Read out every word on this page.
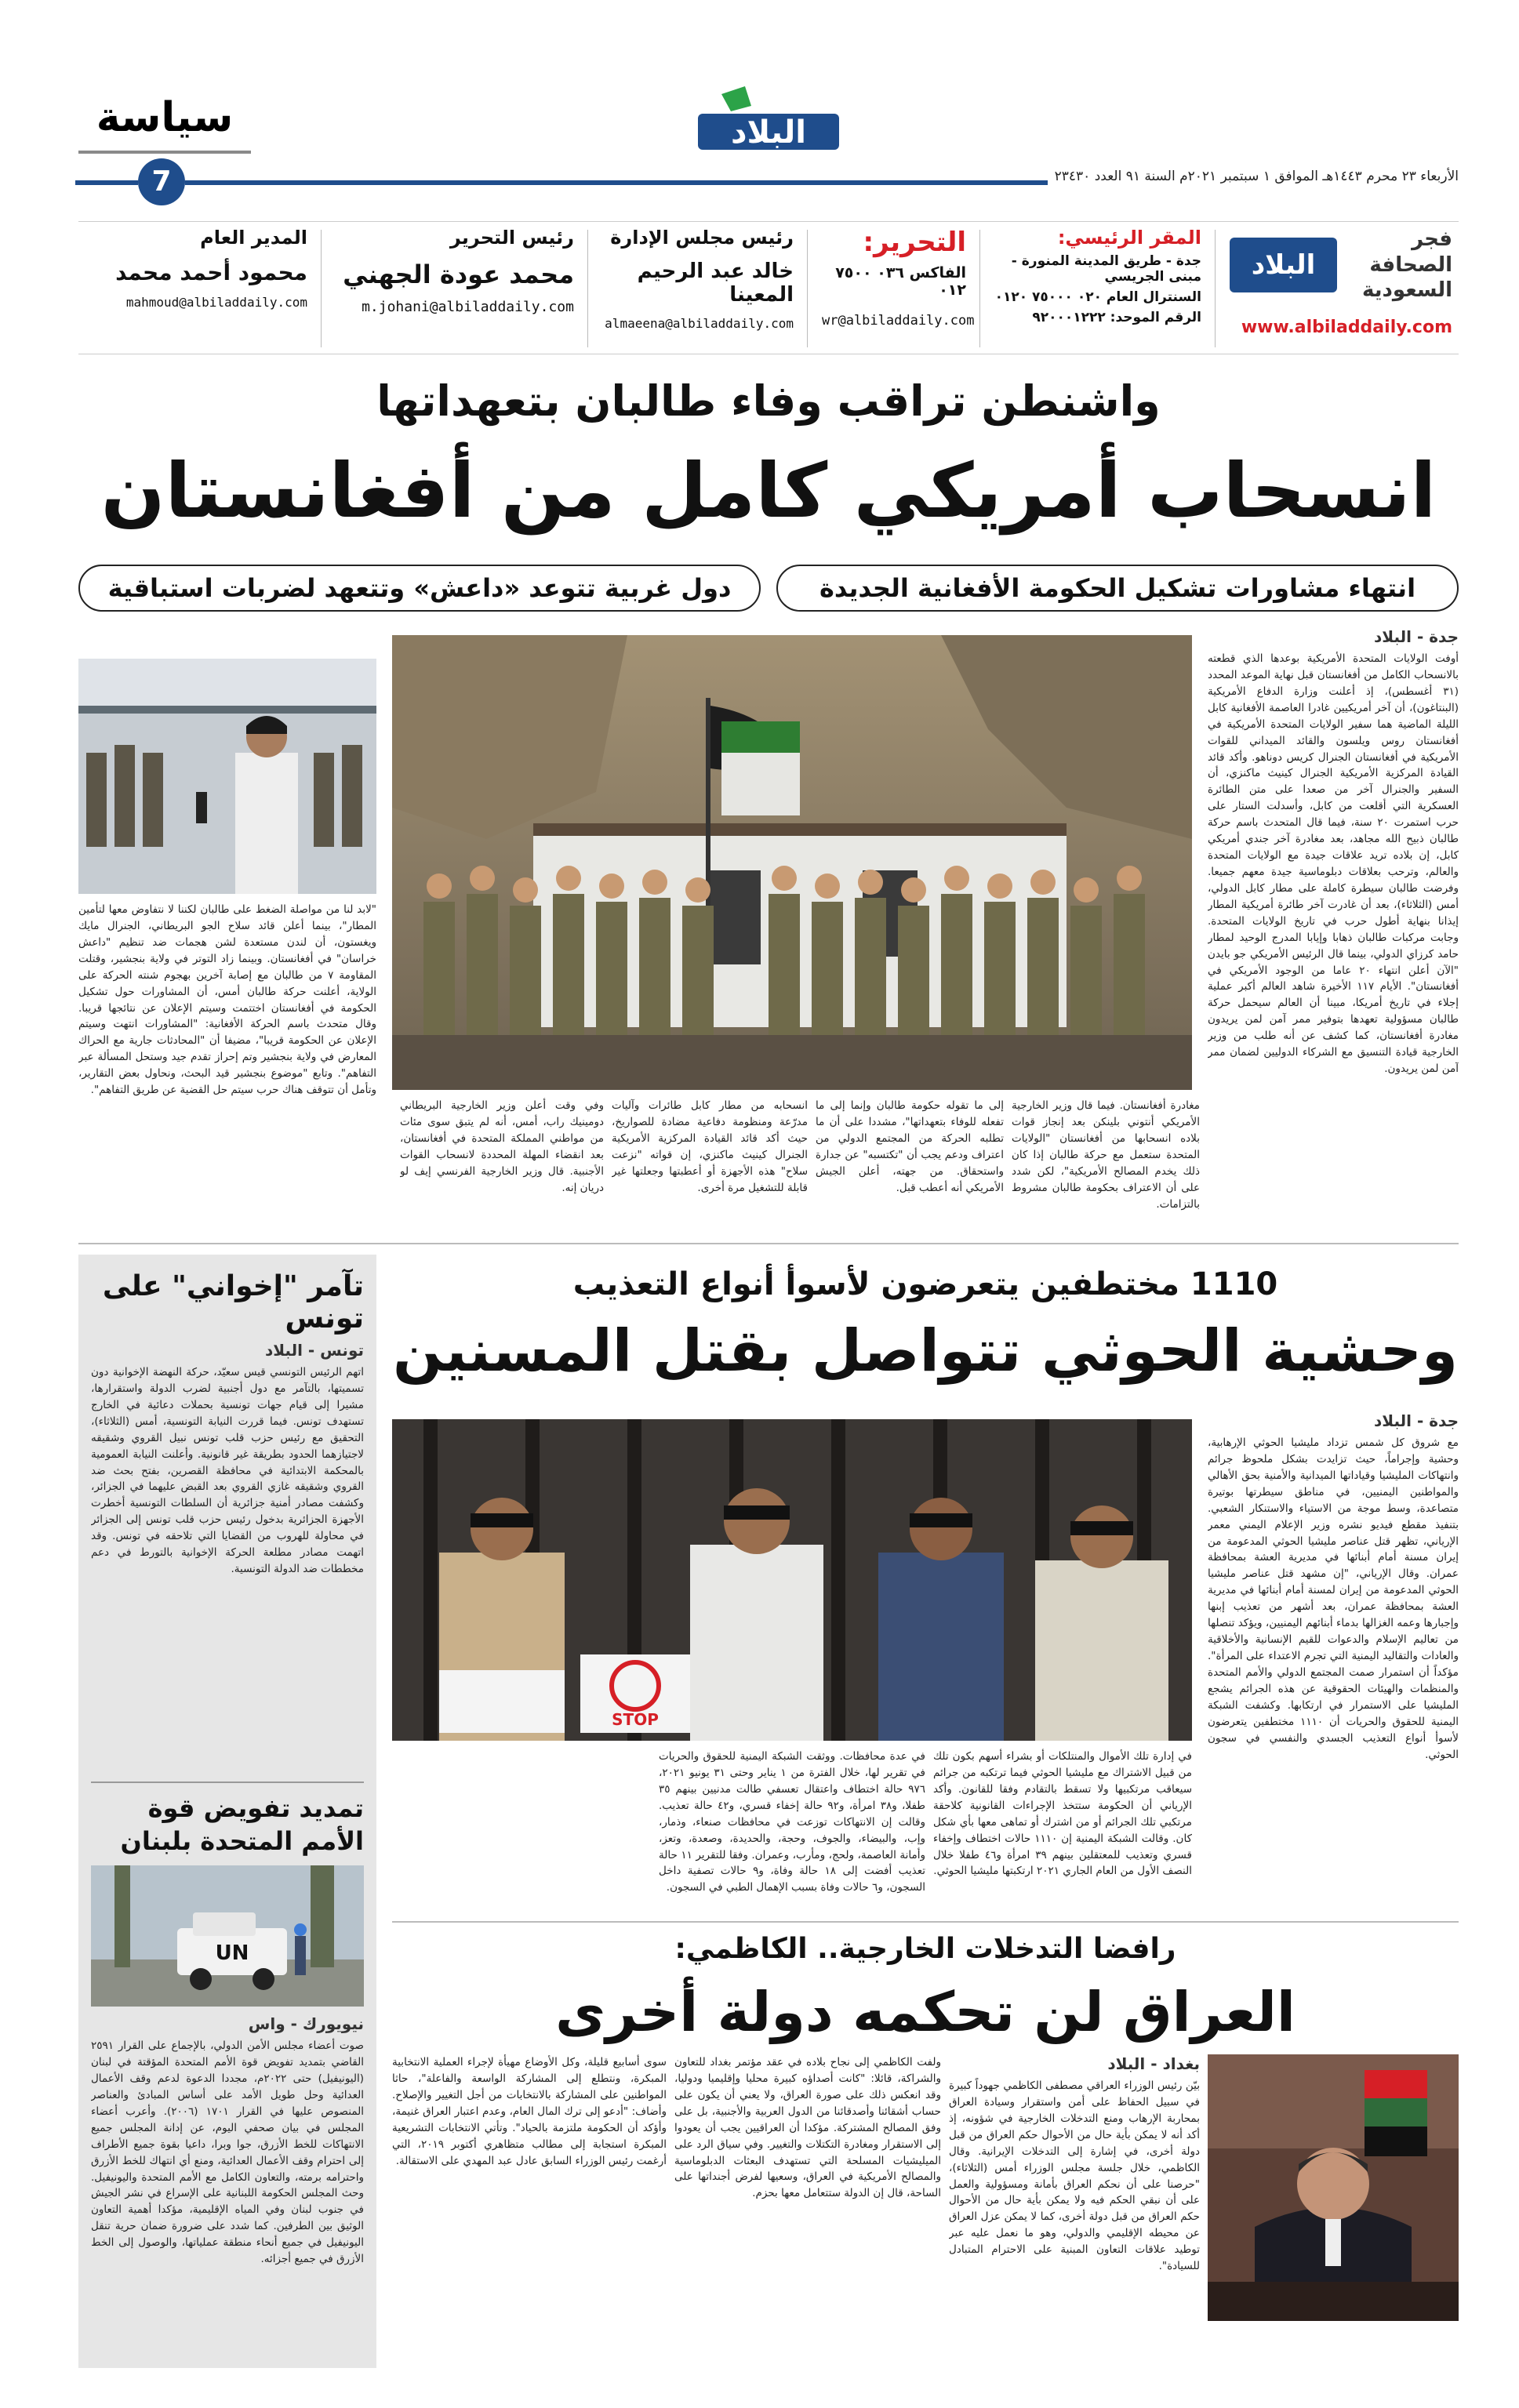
سياسة
7
البلاد
الأربعاء ٢٣ محرم ١٤٤٣هـ الموافق ١ سبتمبر ٢٠٢١م السنة ٩١ العدد ٢٣٤٣٠
فجر الصحافة السعودية
البلاد
www.albiladdaily.com
المقر الرئيسي:
جدة - طريق المدينة المنورة - مبنى الجريسي
السنترال العام ٠٢٠ ٧٥٠٠٠ ٠١٢٠
الرقم الموحد: ٩٢٠٠٠١٢٢٢
التحرير:
الفاكس ٠٣٦ ٧٥٠٠ ٠١٢
wr@albiladdaily.com
رئيس مجلس الإدارة
خالد عبد الرحيم المعينا
almaeena@albiladdaily.com
رئيس التحرير
محمد عودة الجهني
m.johani@albiladdaily.com
المدير العام
محمود أحمد محمد
mahmoud@albiladdaily.com
واشنطن تراقب وفاء طالبان بتعهداتها
انسحاب أمريكي كامل من أفغانستان
انتهاء مشاورات تشكيل الحكومة الأفغانية الجديدة
دول غربية تتوعد «داعش» وتتعهد لضربات استباقية
جدة - البلاد
أوفت الولايات المتحدة الأمريكية بوعدها الذي قطعته بالانسحاب الكامل من أفغانستان قبل نهاية الموعد المحدد (٣١ أغسطس)، إذ أعلنت وزارة الدفاع الأمريكية (البنتاغون)، أن آخر أمريكيين غادرا العاصمة الأفغانية كابل الليلة الماضية هما سفير الولايات المتحدة الأمريكية في أفغانستان روس ويلسون والقائد الميداني للقوات الأمريكية في أفغانستان الجنرال كريس دوناهو. وأكد قائد القيادة المركزية الأمريكية الجنرال كينيث ماكنزي، أن السفير والجنرال آخر من صعدا على متن الطائرة العسكرية التي أقلعت من كابل، وأسدلت الستار على حرب استمرت ٢٠ سنة، فيما قال المتحدث باسم حركة طالبان ذبيح الله مجاهد، بعد مغادرة آخر جندي أمريكي كابل، إن بلاده تريد علاقات جيدة مع الولايات المتحدة والعالم، وترحب بعلاقات دبلوماسية جيدة معهم جميعا. وفرضت طالبان سيطرة كاملة على مطار كابل الدولي، أمس (الثلاثاء)، بعد أن غادرت آخر طائرة أمريكية المطار إيذانا بنهاية أطول حرب في تاريخ الولايات المتحدة. وجابت مركبات طالبان ذهابا وإيابا المدرج الوحيد لمطار حامد كرزاي الدولي، بينما قال الرئيس الأمريكي جو بايدن "الآن أعلن انتهاء ٢٠ عاما من الوجود الأمريكي في أفغانستان". الأيام ١١٧ الأخيرة شاهد العالم أكبر عملية إجلاء في تاريخ أمريكا، مبينا أن العالم سيحمل حركة طالبان مسؤولية تعهدها بتوفير ممر آمن لمن يريدون مغادرة أفغانستان، كما كشف عن أنه طلب من وزير الخارجية قيادة التنسيق مع الشركاء الدوليين لضمان ممر آمن لمن يريدون.
مغادرة أفغانستان. فيما قال وزير الخارجية الأمريكي أنتوني بلينكن بعد إنجاز قوات بلاده انسحابها من أفغانستان "الولايات المتحدة ستعمل مع حركة طالبان إذا كان ذلك يخدم المصالح الأمريكية"، لكن شدد على أن الاعتراف بحكومة طالبان مشروط بالتزامات.
إلى ما تقوله حكومة طالبان وإنما إلى ما تفعله للوفاء بتعهداتها"، مشددا على أن ما تطلبه الحركة من المجتمع الدولي من اعتراف ودعم يجب أن "تكتسبه" عن جدارة واستحقاق. من جهته، أعلن الجيش الأمريكي أنه أعطب قبل.
انسحابه من مطار كابل طائرات وآليات مدرّعة ومنظومة دفاعية مضادة للصواريخ، حيث أكد قائد القيادة المركزية الأمريكية الجنرال كينيث ماكنزي، إن قواته "نزعت سلاح" هذه الأجهزة أو أعطبتها وجعلتها غير قابلة للتشغيل مرة أخرى.
وفي وقت أعلن وزير الخارجية البريطاني دومينيك راب، أمس، أنه لم يتبق سوى مئات من مواطني المملكة المتحدة في أفغانستان، بعد انقضاء المهلة المحددة لانسحاب القوات الأجنبية. قال وزير الخارجية الفرنسي إيف لو دريان إنه.
"لابد لنا من مواصلة الضغط على طالبان لكننا لا نتفاوض معها لتأمين المطار"، بينما أعلن قائد سلاح الجو البريطاني، الجنرال مايك ويغستون، أن لندن مستعدة لشن هجمات ضد تنظيم "داعش خراسان" في أفغانستان. وبينما زاد التوتر في ولاية بنجشير، وقتلت المقاومة ٧ من طالبان مع إصابة آخرين بهجوم شنته الحركة على الولاية، أعلنت حركة طالبان أمس، أن المشاورات حول تشكيل الحكومة في أفغانستان اختتمت وسيتم الإعلان عن نتائجها قريبا. وقال متحدث باسم الحركة الأفغانية: "المشاورات انتهت وسيتم الإعلان عن الحكومة قريبا"، مضيفا أن "المحادثات جارية مع الحراك المعارض في ولاية بنجشير وتم إحراز تقدم جيد وستحل المسألة عبر التفاهم". وتابع "موضوع بنجشير قيد البحث، ونحاول بعض التقارير، وتأمل أن تتوقف هناك حرب سيتم حل القضية عن طريق التفاهم".
تآمر "إخواني" على تونس
تونس - البلاد
اتهم الرئيس التونسي قيس سعيّد، حركة النهضة الإخوانية دون تسميتها، بالتآمر مع دول أجنبية لضرب الدولة واستقرارها، مشيرا إلى قيام جهات تونسية بحملات دعائية في الخارج تستهدف تونس. فيما قررت النيابة التونسية، أمس (الثلاثاء)، التحقيق مع رئيس حزب قلب تونس نبيل القروي وشقيقه لاجتيازهما الحدود بطريقة غير قانونية. وأعلنت النيابة العمومية بالمحكمة الابتدائية في محافظة القصرين، بفتح بحث ضد القروي وشقيقه غازي القروي بعد القبض عليهما في الجزائر، وكشفت مصادر أمنية جزائرية أن السلطات التونسية أخطرت الأجهزة الجزائرية بدخول رئيس حزب قلب تونس إلى الجزائر في محاولة للهروب من القضايا التي تلاحقه في تونس. وقد اتهمت مصادر مطلعة الحركة الإخوانية بالتورط في دعم مخططات ضد الدولة التونسية.
تمديد تفويض قوة الأمم المتحدة بلبنان
UN
نيويورك - واس
صوت أعضاء مجلس الأمن الدولي، بالإجماع على القرار ٢٥٩١ القاضي بتمديد تفويض قوة الأمم المتحدة المؤقتة في لبنان (اليونيفيل) حتى ٢٠٢٢م، مجددا الدعوة لدعم وقف الأعمال العدائية وحل طويل الأمد على أساس المبادئ والعناصر المنصوص عليها في القرار ١٧٠١ (٢٠٠٦). وأعرب أعضاء المجلس في بيان صحفي اليوم، عن إدانة المجلس جميع الانتهاكات للخط الأزرق، جوا وبرا، داعيا بقوة جميع الأطراف إلى احترام وقف الأعمال العدائية، ومنع أي انتهاك للخط الأزرق واحترامه برمته، والتعاون الكامل مع الأمم المتحدة واليونيفيل. وحث المجلس الحكومة اللبنانية على الإسراع في نشر الجيش في جنوب لبنان وفي المياه الإقليمية، مؤكدا أهمية التعاون الوثيق بين الطرفين. كما شدد على ضرورة ضمان حرية تنقل اليونيفيل في جميع أنحاء منطقة عملياتها، والوصول إلى الخط الأزرق في جميع أجزائه.
1110 مختطفين يتعرضون لأسوأ أنواع التعذيب
وحشية الحوثي تتواصل بقتل المسنين
جدة - البلاد
مع شروق كل شمس تزداد مليشيا الحوثي الإرهابية، وحشية وإجراماً، حيث تزايدت بشكل ملحوظ جرائم وانتهاكات المليشيا وقياداتها الميدانية والأمنية بحق الأهالي والمواطنين اليمنيين، في مناطق سيطرتها بوتيرة متصاعدة، وسط موجة من الاستياء والاستنكار الشعبي. بتنفيذ مقطع فيديو نشره وزير الإعلام اليمني معمر الإرياني، تظهر قتل عناصر مليشيا الحوثي المدعومة من إيران مسنة أمام أبنائها في مديرية العشة بمحافظة عمران. وقال الإرياني، "إن مشهد قتل عناصر مليشيا الحوثي المدعومة من إيران لمسنة أمام أبنائها في مديرية العشة بمحافظة عمران، بعد أشهر من تعذيب إبنها وإجبارها وعمه الغزالها بدماء أبنائهم اليمنيين، ويؤكد تنصلها من تعاليم الإسلام والدعوات للقيم الإنسانية والأخلاقية والعادات والتقاليد اليمنية التي تجرم الاعتداء على المرأة". مؤكداً أن استمرار صمت المجتمع الدولي والأمم المتحدة والمنظمات والهيئات الحقوقية عن هذه الجرائم يشجع المليشيا على الاستمرار في ارتكابها. وكشفت الشبكة اليمنية للحقوق والحريات أن ١١١٠ مختطفين يتعرضون لأسوأ أنواع التعذيب الجسدي والنفسي في سجون الحوثي.
STOP
في إدارة تلك الأموال والمنتلكات أو بشراء أسهم بكون تلك من قبيل الاشتراك مع مليشيا الحوثي فيما ترتكبه من جرائم سيعاقب مرتكبيها ولا تسقط بالتقادم وفقا للقانون. وأكد الإرياني أن الحكومة ستتخذ الإجراءات القانونية كلاحقة مرتكبي تلك الجرائم أو من اشترك أو تماهى معها بأي شكل كان. وقالت الشبكة اليمنية إن ١١١٠ حالات اختطاف وإخفاء قسري وتعذيب للمعتقلين بينهم ٣٩ امرأة و٤٦ طفلا خلال النصف الأول من العام الجاري ٢٠٢١ ارتكبتها مليشيا الحوثي.
في عدة محافظات. ووثقت الشبكة اليمنية للحقوق والحريات في تقرير لها، خلال الفترة من ١ يناير وحتى ٣١ يونيو ٢٠٢١، ٩٧٦ حالة اختطاف واعتقال تعسفي طالت مدنيين بينهم ٣٥ طفلا، و٣٨ امرأة، و٩٢ حالة إخفاء قسري، و٤٢ حالة تعذيب. وقالت إن الانتهاكات توزعت في محافظات صنعاء، وذمار، وإب، والبيضاء، والجوف، وحجة، والحديدة، وصعدة، وتعز، وأمانة العاصمة، ولحج، ومأرب، وعمران. وفقا للتقرير ١١ حالة تعذيب أفضت إلى ١٨ حالة وفاة، و٩ حالات تصفية داخل السجون، و٦ حالات وفاة بسبب الإهمال الطبي في السجون.
رافضا التدخلات الخارجية.. الكاظمي:
العراق لن تحكمه دولة أخرى
بغداد - البلاد
بيّن رئيس الوزراء العراقي مصطفى الكاظمي جهوداً كبيرة في سبيل الحفاظ على أمن واستقرار وسيادة العراق بمحاربة الإرهاب ومنع التدخلات الخارجية في شؤونه، إذ أكد أنه لا يمكن بأية حال من الأحوال حكم العراق من قبل دولة أخرى، في إشارة إلى التدخلات الإيرانية. وقال الكاظمي، خلال جلسة مجلس الوزراء أمس (الثلاثاء)، "حرصنا على أن نحكم العراق بأمانة ومسؤولية والعمل على أن نبقي الحكم فيه ولا يمكن بأية حال من الأحوال حكم العراق من قبل دولة أخرى، كما لا يمكن عزل العراق عن محيطه الإقليمي والدولي، وهو ما نعمل عليه عبر توطيد علاقات التعاون المبنية على الاحترام المتبادل للسيادة".
ولفت الكاظمي إلى نجاح بلاده في عقد مؤتمر بغداد للتعاون والشراكة، قائلا: "كانت أصداؤه كبيرة محليا وإقليميا ودوليا، وقد انعكس ذلك على صورة العراق، ولا يعني أن يكون على حساب أشقائنا وأصدقائنا من الدول العربية والأجنبية، بل على وفق المصالح المشتركة. مؤكدا أن العراقيين يجب أن يعودوا إلى الاستقرار ومغادرة التكتلات والتغيير. وفي سياق الرد على الميليشيات المسلحة التي تستهدف البعثات الدبلوماسية والمصالح الأمريكية في العراق، وسعيها لفرض أجنداتها على الساحة، قال إن الدولة ستتعامل معها بحزم.
سوى أسابيع قليلة، وكل الأوضاع مهيأة لإجراء العملية الانتخابية المبكرة، ونتطلع إلى المشاركة الواسعة والفاعلة"، حاثا المواطنين على المشاركة بالانتخابات من أجل التغيير والإصلاح. وأضاف: "أدعو إلى ترك المال العام، وعدم اعتبار العراق غنيمة، وأؤكد أن الحكومة ملتزمة بالحياد". وتأتي الانتخابات التشريعية المبكرة استجابة إلى مطالب متظاهري أكتوبر ٢٠١٩، التي أرغمت رئيس الوزراء السابق عادل عبد المهدي على الاستقالة.
